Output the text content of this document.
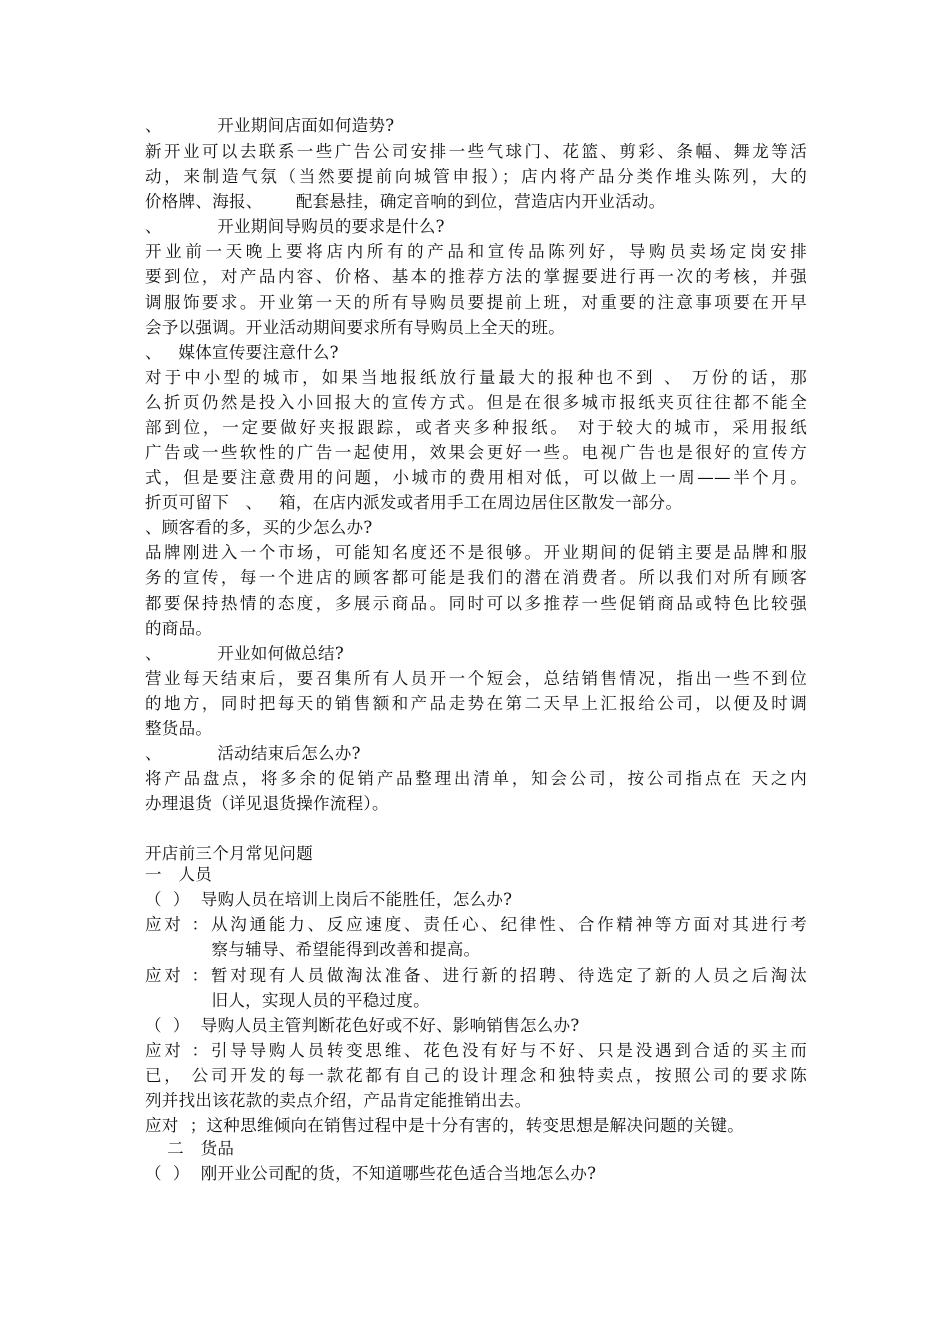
、          开业期间店面如何造势?
新开业可以去联系一些广告公司安排一些气球门、花篮、剪彩、条幅、舞龙等活
动，来制造气氛（当然要提前向城管申报）；店内将产品分类作堆头陈列，大的
价格牌、海报、      配套悬挂，确定音响的到位，营造店内开业活动。
、          开业期间导购员的要求是什么?
开业前一天晚上要将店内所有的产品和宣传品陈列好，导购员卖场定岗安排
要到位，对产品内容、价格、基本的推荐方法的掌握要进行再一次的考核，并强
调服饰要求。开业第一天的所有导购员要提前上班，对重要的注意事项要在开早
会予以强调。开业活动期间要求所有导购员上全天的班。
、   媒体宣传要注意什么?
对于中小型的城市，如果当地报纸放行量最大的报种也不到 、 万份的话，那
么折页仍然是投入小回报大的宣传方式。但是在很多城市报纸夹页往往都不能全
部到位，一定要做好夹报跟踪，或者夹多种报纸。 对于较大的城市，采用报纸
广告或一些软性的广告一起使用，效果会更好一些。电视广告也是很好的宣传方
式，但是要注意费用的问题，小城市的费用相对低，可以做上一周——半个月。
折页可留下   、   箱，在店内派发或者用手工在周边居住区散发一部分。
、顾客看的多，买的少怎么办?
品牌刚进入一个市场，可能知名度还不是很够。开业期间的促销主要是品牌和服
务的宣传，每一个进店的顾客都可能是我们的潜在消费者。所以我们对所有顾客
都要保持热情的态度，多展示商品。同时可以多推荐一些促销商品或特色比较强
的商品。
、          开业如何做总结?
营业每天结束后，要召集所有人员开一个短会，总结销售情况，指出一些不到位
的地方，同时把每天的销售额和产品走势在第二天早上汇报给公司，以便及时调
整货品。
、          活动结束后怎么办?
将产品盘点，将多余的促销产品整理出清单，知会公司，按公司指点在 天之内
办理退货（详见退货操作流程）。
开店前三个月常见问题
一   人员
（  ）  导购人员在培训上岗后不能胜任，怎么办?
应对 ：从沟通能力、反应速度、责任心、纪律性、合作精神等方面对其进行考
察与辅导、希望能得到改善和提高。
应对 ：暂对现有人员做淘汰准备、进行新的招聘、待选定了新的人员之后淘汰
旧人，实现人员的平稳过度。
（  ）  导购人员主管判断花色好或不好、影响销售怎么办?
应对 ：引导导购人员转变思维、花色没有好与不好、只是没遇到合适的买主而
已， 公司开发的每一款花都有自己的设计理念和独特卖点，按照公司的要求陈
列并找出该花款的卖点介绍，产品肯定能推销出去。
应对  ；这种思维倾向在销售过程中是十分有害的，转变思想是解决问题的关键。
二   货品
（  ）  刚开业公司配的货，不知道哪些花色适合当地怎么办?
